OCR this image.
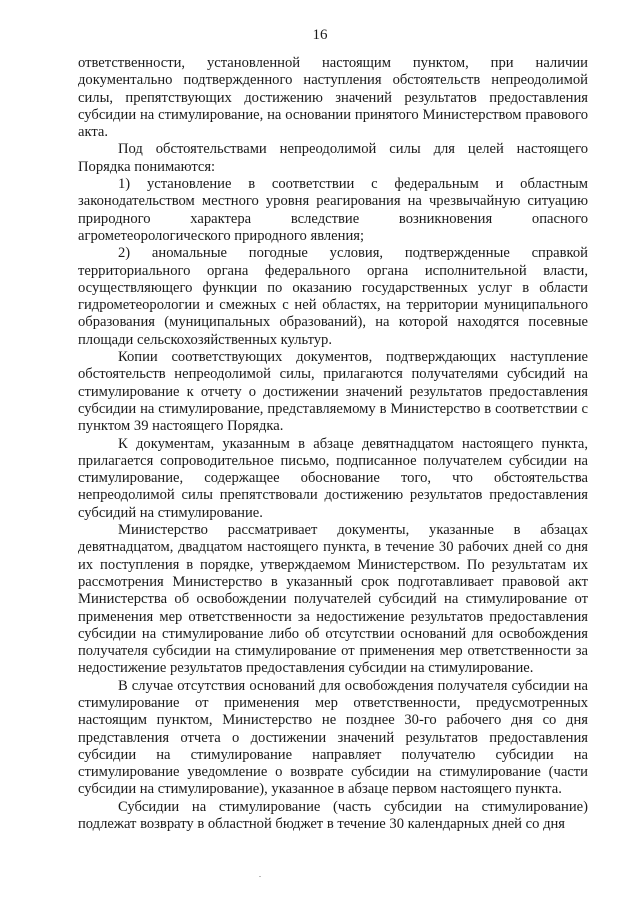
16

ответственности, установленной настоящим пунктом, при наличии документально подтвержденного наступления обстоятельств непреодолимой силы, препятствующих достижению значений результатов предоставления субсидии на стимулирование, на основании принятого Министерством правового акта.

Под обстоятельствами непреодолимой силы для целей настоящего Порядка понимаются:

1) установление в соответствии с федеральным и областным законодательством местного уровня реагирования на чрезвычайную ситуацию природного характера вследствие возникновения опасного агрометеорологического природного явления;

2) аномальные погодные условия, подтвержденные справкой территориального органа федерального органа исполнительной власти, осуществляющего функции по оказанию государственных услуг в области гидрометеорологии и смежных с ней областях, на территории муниципального образования (муниципальных образований), на которой находятся посевные площади сельскохозяйственных культур.

Копии соответствующих документов, подтверждающих наступление обстоятельств непреодолимой силы, прилагаются получателями субсидий на стимулирование к отчету о достижении значений результатов предоставления субсидии на стимулирование, представляемому в Министерство в соответствии с пунктом 39 настоящего Порядка.

К документам, указанным в абзаце девятнадцатом настоящего пункта, прилагается сопроводительное письмо, подписанное получателем субсидии на стимулирование, содержащее обоснование того, что обстоятельства непреодолимой силы препятствовали достижению результатов предоставления субсидий на стимулирование.

Министерство рассматривает документы, указанные в абзацах девятнадцатом, двадцатом настоящего пункта, в течение 30 рабочих дней со дня их поступления в порядке, утверждаемом Министерством. По результатам их рассмотрения Министерство в указанный срок подготавливает правовой акт Министерства об освобождении получателей субсидий на стимулирование от применения мер ответственности за недостижение результатов предоставления субсидии на стимулирование либо об отсутствии оснований для освобождения получателя субсидии на стимулирование от применения мер ответственности за недостижение результатов предоставления субсидии на стимулирование.

В случае отсутствия оснований для освобождения получателя субсидии на стимулирование от применения мер ответственности, предусмотренных настоящим пунктом, Министерство не позднее 30-го рабочего дня со дня представления отчета о достижении значений результатов предоставления субсидии на стимулирование направляет получателю субсидии на стимулирование уведомление о возврате субсидии на стимулирование (части субсидии на стимулирование), указанное в абзаце первом настоящего пункта.

Субсидии на стимулирование (часть субсидии на стимулирование) подлежат возврату в областной бюджет в течение 30 календарных дней со дня
